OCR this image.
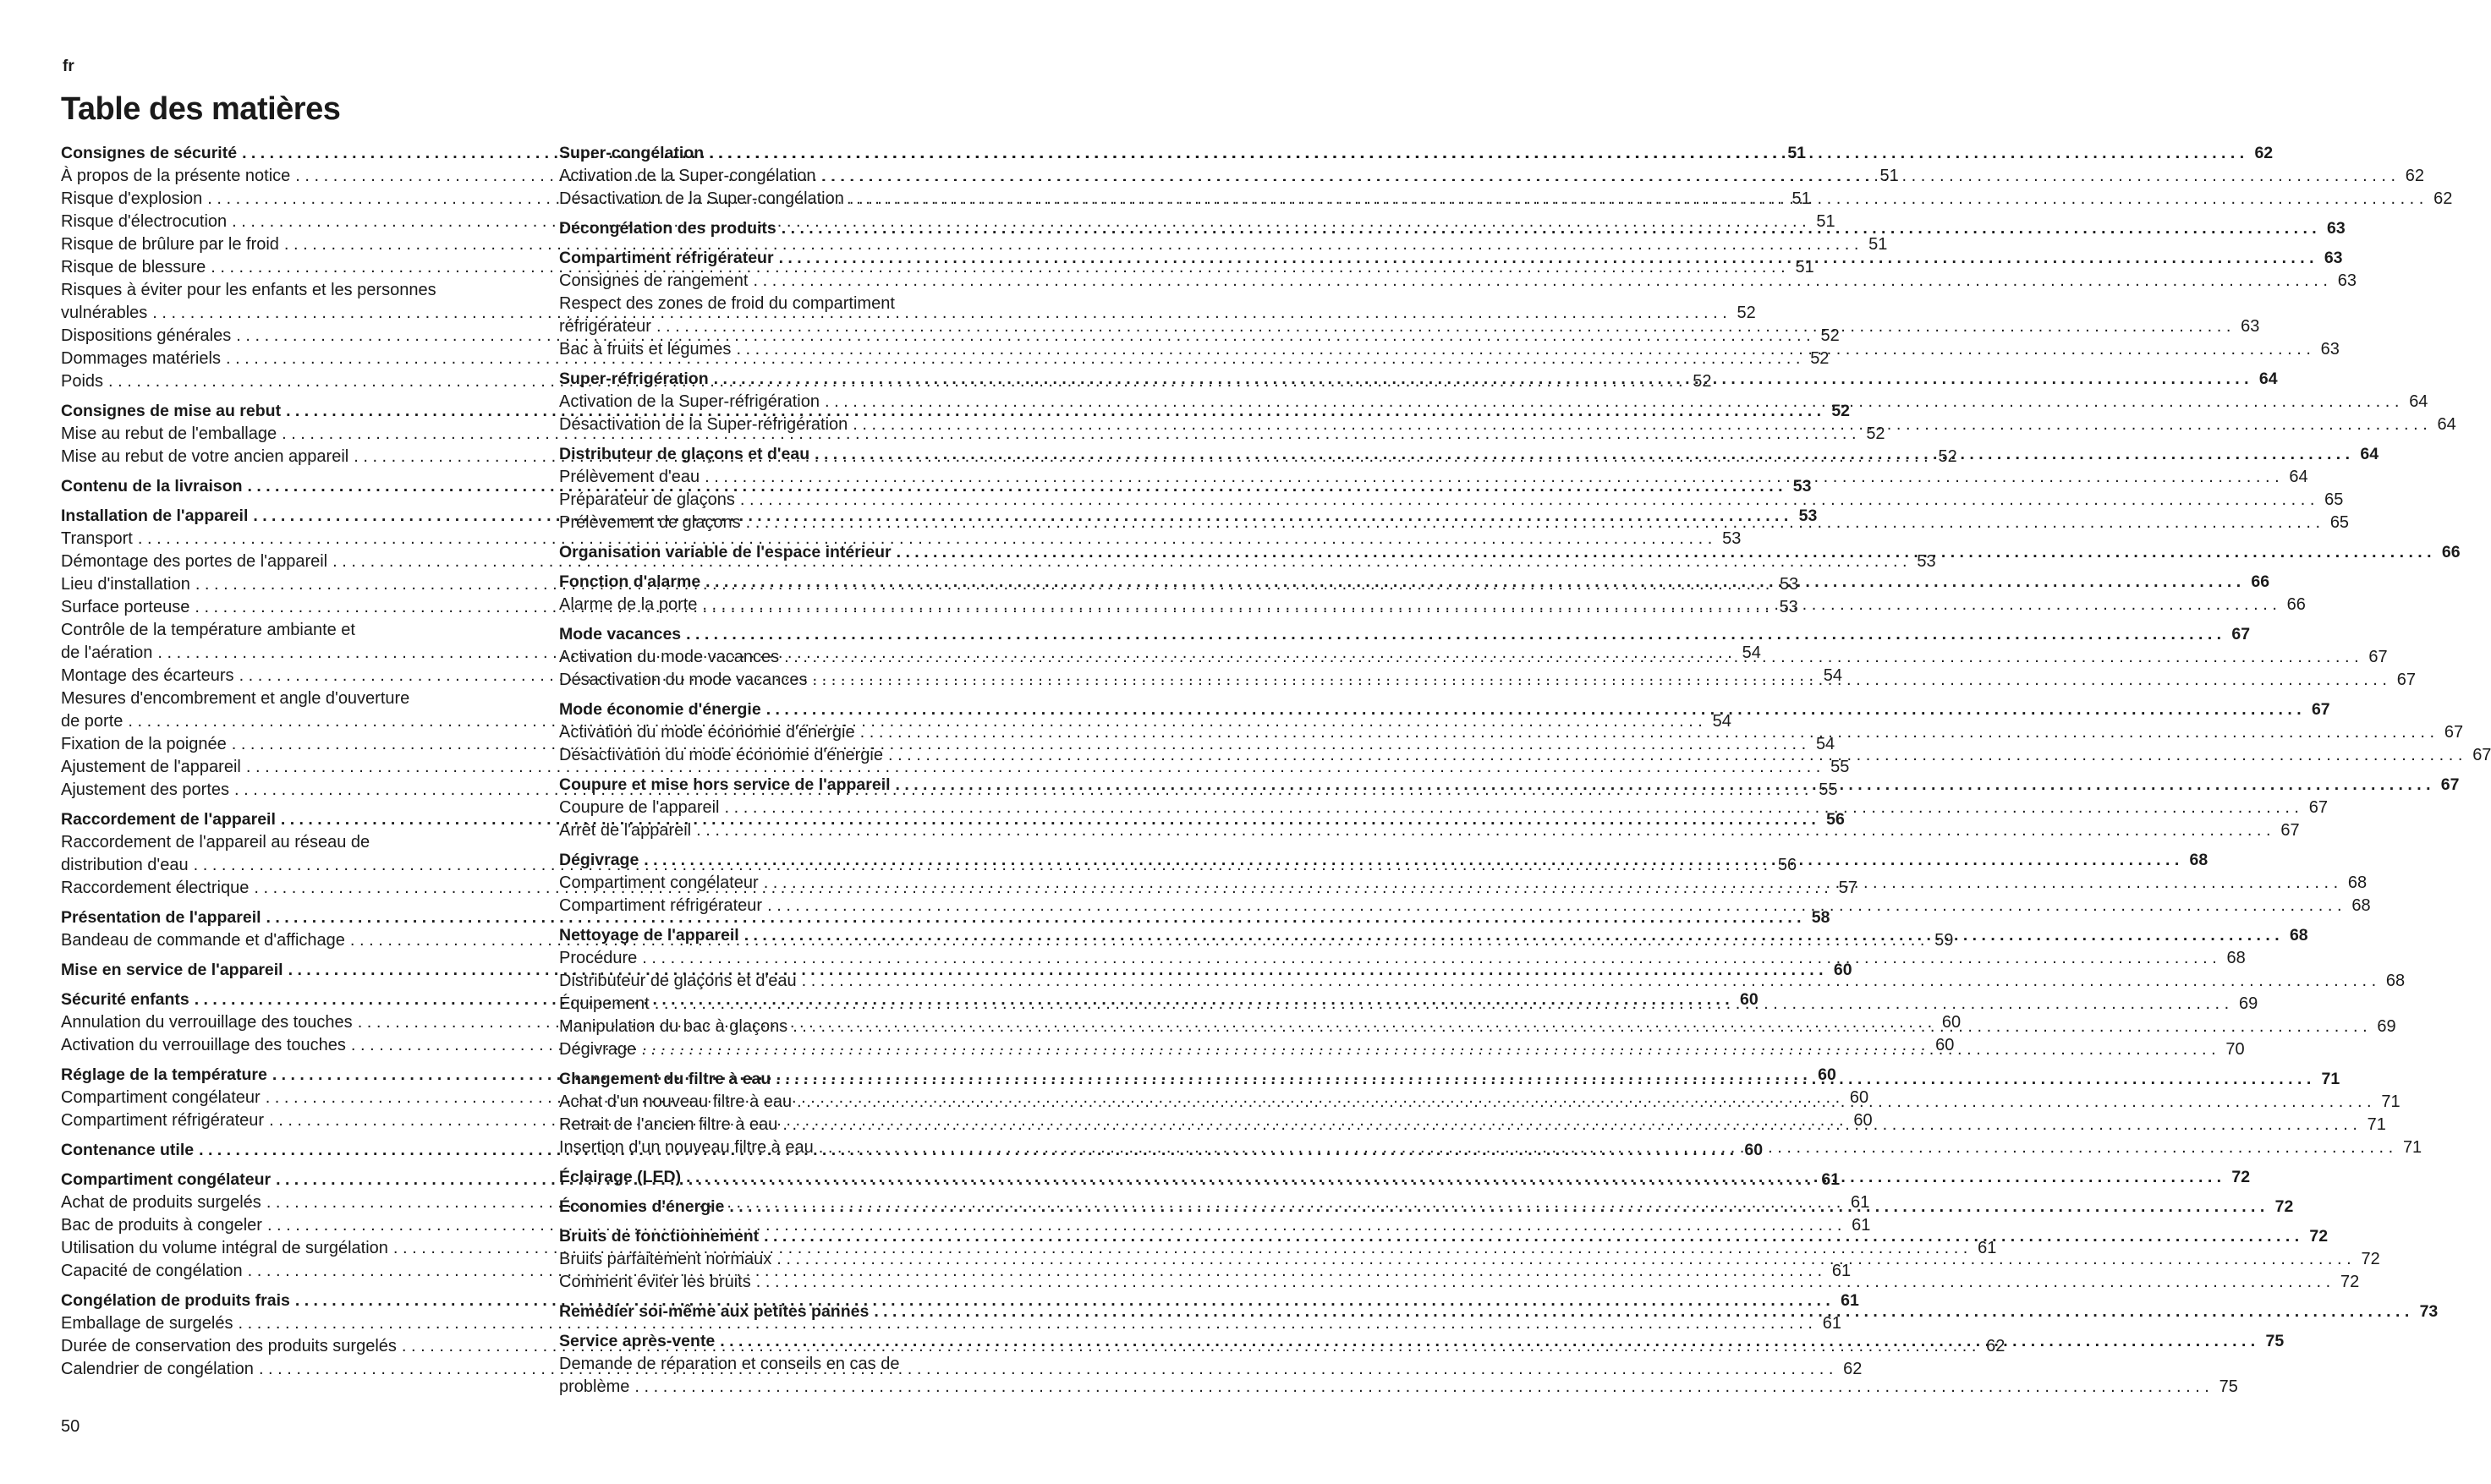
fr
Table des matières
Consignes de sécurité . . .	51
À propos de la présente notice . . .	51
Risque d'explosion . . .	51
Risque d'électrocution . . .	51
Risque de brûlure par le froid . . .	51
Risque de blessure . . .	51
Risques à éviter pour les enfants et les personnes
vulnérables . . .	52
Dispositions générales . . .	52
Dommages matériels . . .	52
Poids . . .	52
Consignes de mise au rebut . . .	52
Mise au rebut de l'emballage . . .	52
Mise au rebut de votre ancien appareil . . .	52
Contenu de la livraison . . .	53
Installation de l'appareil . . .	53
Transport . . .	53
Démontage des portes de l'appareil . . .	53
Lieu d'installation . . .	53
Surface porteuse . . .	53
Contrôle de la température ambiante et
de l'aération . . .	54
Montage des écarteurs . . .	54
Mesures d'encombrement et angle d'ouverture
de porte . . .	54
Fixation de la poignée . . .	54
Ajustement de l'appareil . . .	55
Ajustement des portes . . .	55
Raccordement de l'appareil . . .	56
Raccordement de l'appareil au réseau de
distribution d'eau . . .	56
Raccordement électrique . . .	57
Présentation de l'appareil . . .	58
Bandeau de commande et d'affichage . . .	59
Mise en service de l'appareil . . .	60
Sécurité enfants . . .	60
Annulation du verrouillage des touches . . .	60
Activation du verrouillage des touches . . .	60
Réglage de la température . . .	60
Compartiment congélateur . . .	60
Compartiment réfrigérateur . . .	60
Contenance utile . . .	60
Compartiment congélateur . . .	61
Achat de produits surgelés . . .	61
Bac de produits à congeler . . .	61
Utilisation du volume intégral de surgélation . . .	61
Capacité de congélation . . .	61
Congélation de produits frais . . .	61
Emballage de surgelés . . .	61
Durée de conservation des produits surgelés . . .	62
Calendrier de congélation . . .	62
Super-congélation . . .	62
Activation de la Super-congélation . . .	62
Désactivation de la Super-congélation . . .	62
Décongélation des produits . . .	63
Compartiment réfrigérateur . . .	63
Consignes de rangement . . .	63
Respect des zones de froid du compartiment
réfrigérateur . . .	63
Bac à fruits et légumes . . .	63
Super-réfrigération . . .	64
Activation de la Super-réfrigération . . .	64
Désactivation de la Super-réfrigération . . .	64
Distributeur de glaçons et d'eau . . .	64
Prélèvement d'eau . . .	64
Préparateur de glaçons . . .	65
Prélèvement de glaçons . . .	65
Organisation variable de l'espace intérieur . . .	66
Fonction d'alarme . . .	66
Alarme de la porte . . .	66
Mode vacances . . .	67
Activation du mode vacances . . .	67
Désactivation du mode vacances . . .	67
Mode économie d'énergie . . .	67
Activation du mode économie d'énergie . . .	67
Désactivation du mode économie d'énergie . . .	67
Coupure et mise hors service de l'appareil . . .	67
Coupure de l'appareil . . .	67
Arrêt de l'appareil . . .	67
Dégivrage . . .	68
Compartiment congélateur . . .	68
Compartiment réfrigérateur . . .	68
Nettoyage de l'appareil . . .	68
Procédure . . .	68
Distributeur de glaçons et d'eau . . .	68
Équipement . . .	69
Manipulation du bac à glaçons . . .	69
Dégivrage . . .	70
Changement du filtre à eau . . .	71
Achat d'un nouveau filtre à eau . . .	71
Retrait de l'ancien filtre à eau . . .	71
Insertion d'un nouveau filtre à eau . . .	71
Éclairage (LED) . . .	72
Économies d'énergie . . .	72
Bruits de fonctionnement . . .	72
Bruits parfaitement normaux . . .	72
Comment éviter les bruits . . .	72
Remédier soi-même aux petites pannes . . .	73
Service après-vente . . .	75
Demande de réparation et conseils en cas de
problème . . .	75
50
